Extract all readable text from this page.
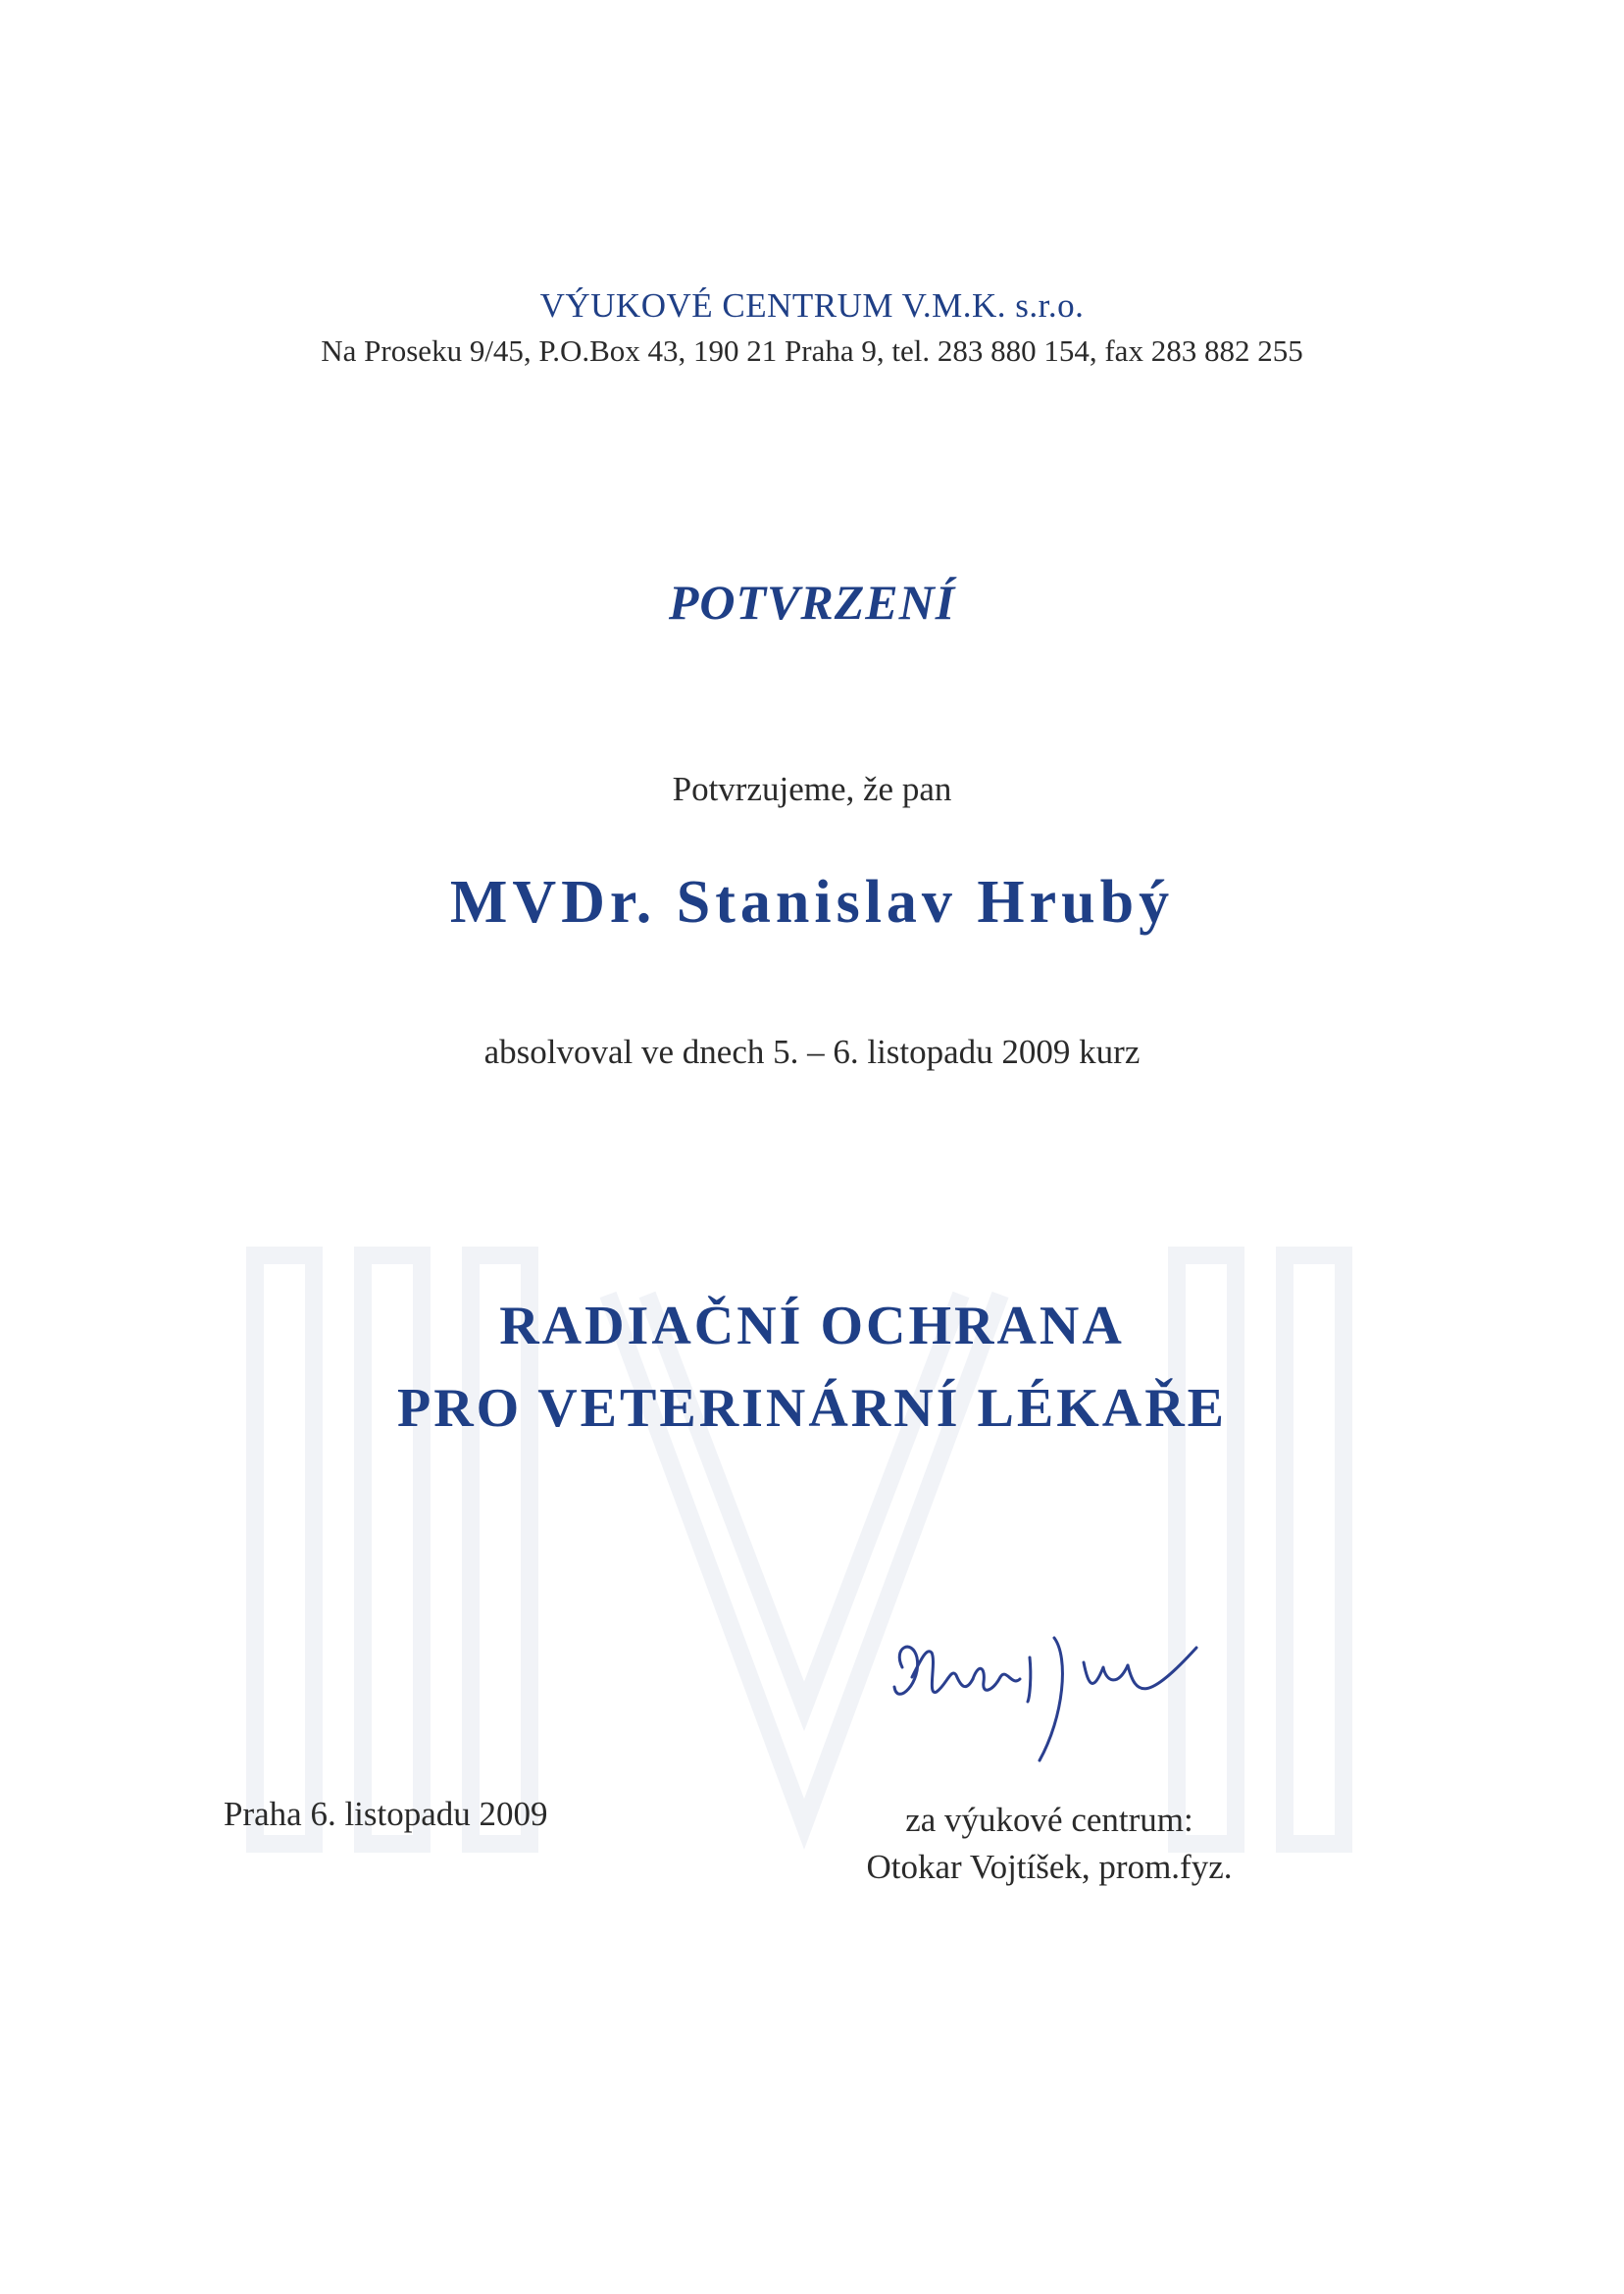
VÝUKOVÉ CENTRUM V.M.K. s.r.o.
Na Proseku 9/45, P.O.Box 43, 190 21 Praha 9, tel. 283 880 154, fax 283 882 255
POTVRZENÍ
Potvrzujeme, že pan
MVDr. Stanislav Hrubý
absolvoval ve dnech 5. – 6. listopadu 2009 kurz
RADIAČNÍ OCHRANA
PRO VETERINÁRNÍ LÉKAŘE
Praha 6. listopadu 2009	za výukové centrum:
Otokar Vojtíšek, prom.fyz.
